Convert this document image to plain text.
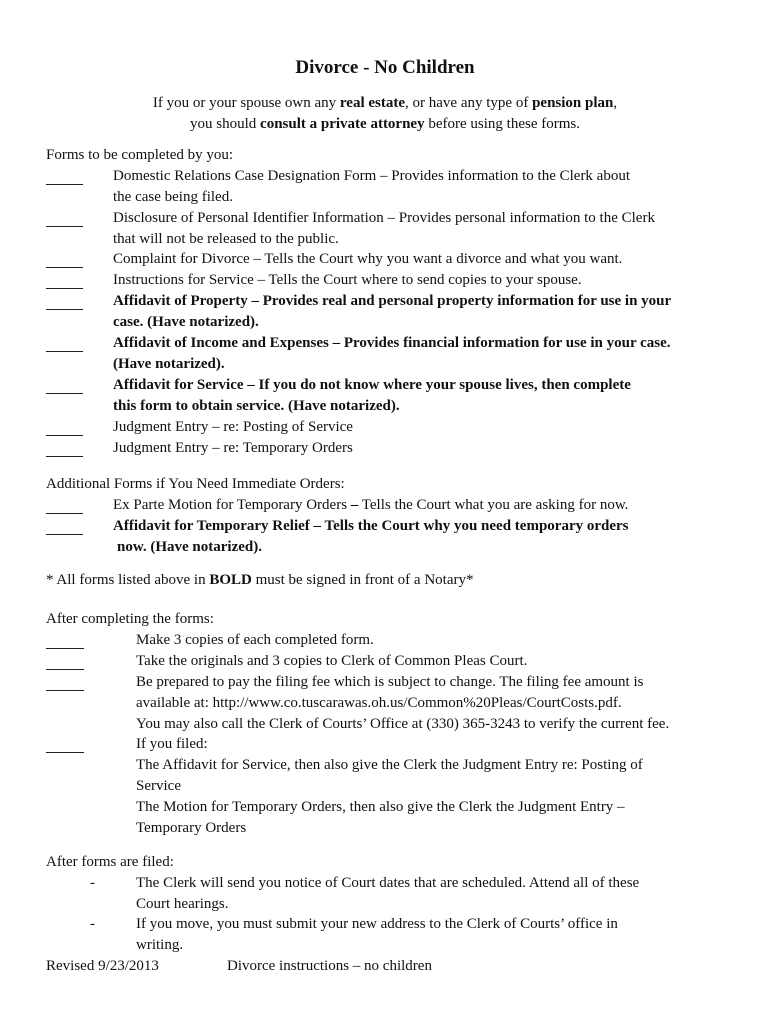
Divorce - No Children
If you or your spouse own any real estate, or have any type of pension plan,
you should consult a private attorney before using these forms.
Forms to be completed by you:
Domestic Relations Case Designation Form – Provides information to the Clerk about
the case being filed.
Disclosure of Personal Identifier Information – Provides personal information to the Clerk
that will not be released to the public.
Complaint for Divorce – Tells the Court why you want a divorce and what you want.
Instructions for Service – Tells the Court where to send copies to your spouse.
Affidavit of Property – Provides real and personal property information for use in your
case. (Have notarized).
Affidavit of Income and Expenses – Provides financial information for use in your case.
(Have notarized).
Affidavit for Service – If you do not know where your spouse lives, then complete
this form to obtain service. (Have notarized).
Judgment Entry – re: Posting of Service
Judgment Entry – re: Temporary Orders
Additional Forms if You Need Immediate Orders:
Ex Parte Motion for Temporary Orders – Tells the Court what you are asking for now.
Affidavit for Temporary Relief – Tells the Court why you need temporary orders
now. (Have notarized).
* All forms listed above in BOLD must be signed in front of a Notary*
After completing the forms:
Make 3 copies of each completed form.
Take the originals and 3 copies to Clerk of Common Pleas Court.
Be prepared to pay the filing fee which is subject to change. The filing fee amount is
available at: http://www.co.tuscarawas.oh.us/Common%20Pleas/CourtCosts.pdf.
You may also call the Clerk of Courts’ Office at (330) 365-3243 to verify the current fee.
If you filed:
The Affidavit for Service, then also give the Clerk the Judgment Entry re: Posting of
Service
The Motion for Temporary Orders, then also give the Clerk the Judgment Entry –
Temporary Orders
After forms are filed:
-	The Clerk will send you notice of Court dates that are scheduled. Attend all of these
Court hearings.
-	If you move, you must submit your new address to the Clerk of Courts’ office in
writing.
Revised 9/23/2013	Divorce instructions – no children
